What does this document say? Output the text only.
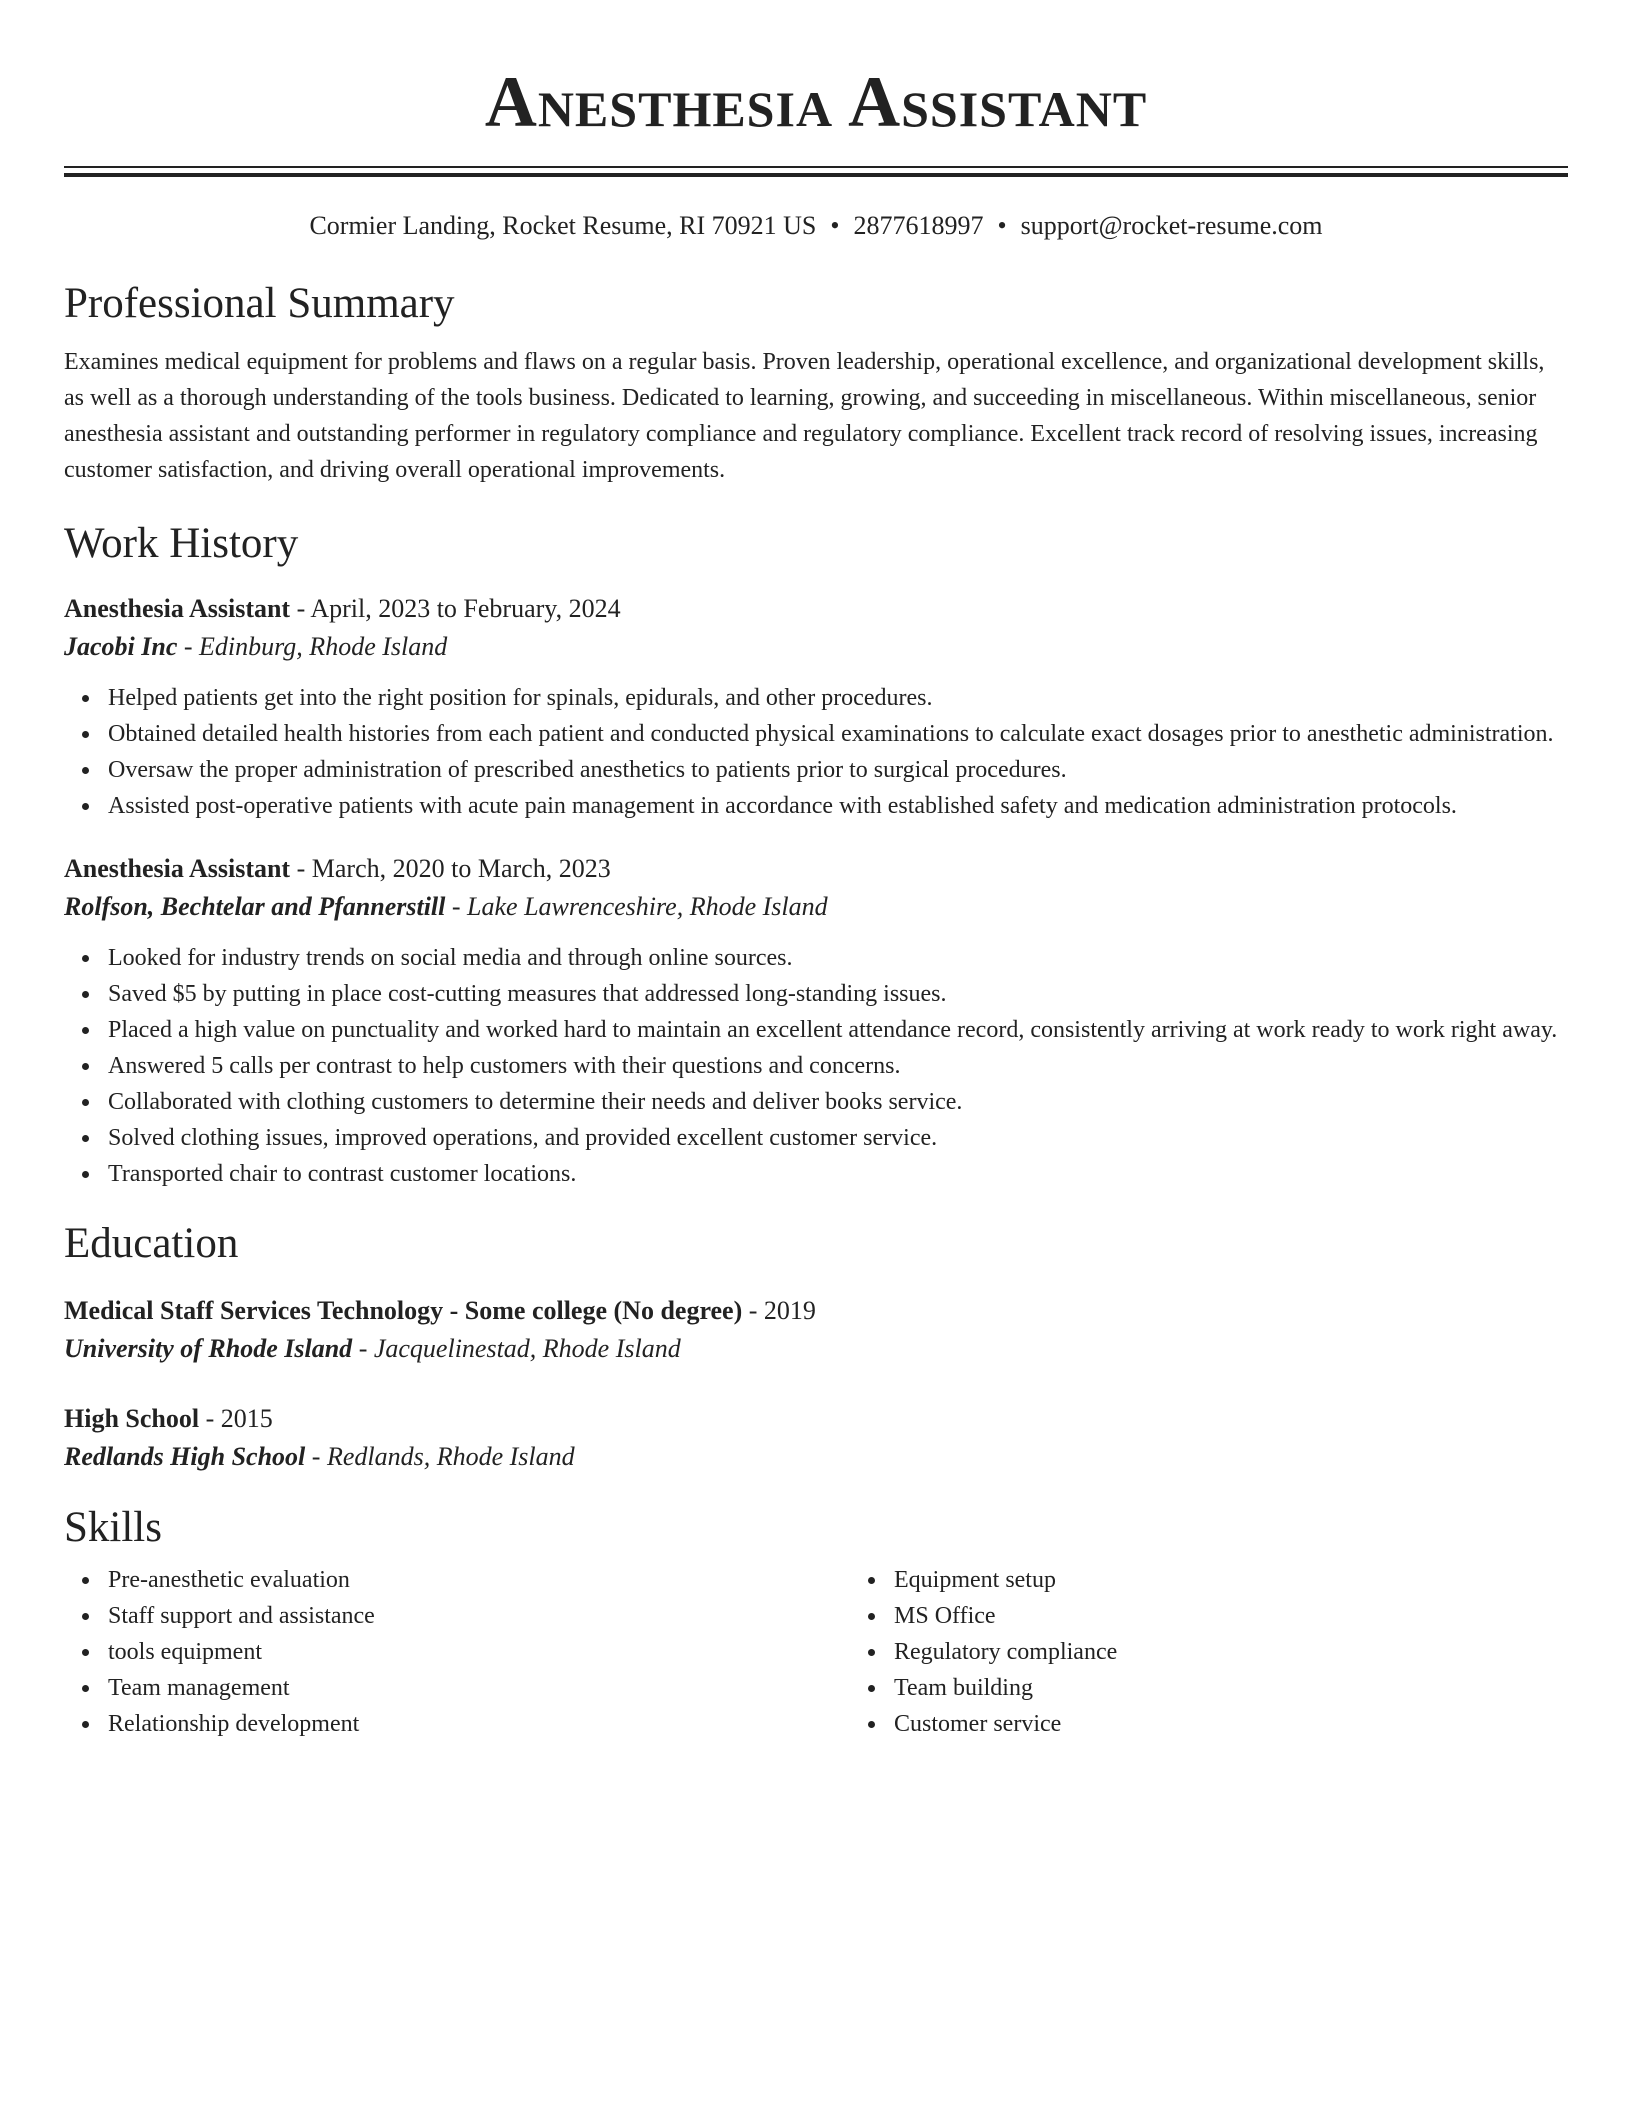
Anesthesia Assistant
Cormier Landing, Rocket Resume, RI 70921 US • 2877618997 • support@rocket-resume.com
Professional Summary

Examines medical equipment for problems and flaws on a regular basis. Proven leadership, operational excellence, and organizational development skills, as well as a thorough understanding of the tools business. Dedicated to learning, growing, and succeeding in miscellaneous. Within miscellaneous, senior anesthesia assistant and outstanding performer in regulatory compliance and regulatory compliance. Excellent track record of resolving issues, increasing customer satisfaction, and driving overall operational improvements.

Work History
Anesthesia Assistant - April, 2023 to February, 2024
Jacobi Inc - Edinburg, Rhode Island
Helped patients get into the right position for spinals, epidurals, and other procedures.
Obtained detailed health histories from each patient and conducted physical examinations to calculate exact dosages prior to anesthetic administration.
Oversaw the proper administration of prescribed anesthetics to patients prior to surgical procedures.
Assisted post-operative patients with acute pain management in accordance with established safety and medication administration protocols.
Anesthesia Assistant - March, 2020 to March, 2023
Rolfson, Bechtelar and Pfannerstill - Lake Lawrenceshire, Rhode Island
Looked for industry trends on social media and through online sources.
Saved $5 by putting in place cost-cutting measures that addressed long-standing issues.
Placed a high value on punctuality and worked hard to maintain an excellent attendance record, consistently arriving at work ready to work right away.
Answered 5 calls per contrast to help customers with their questions and concerns.
Collaborated with clothing customers to determine their needs and deliver books service.
Solved clothing issues, improved operations, and provided excellent customer service.
Transported chair to contrast customer locations.
Education
Medical Staff Services Technology - Some college (No degree) - 2019
University of Rhode Island - Jacquelinestad, Rhode Island
High School - 2015
Redlands High School - Redlands, Rhode Island
Skills
Pre-anesthetic evaluation
Staff support and assistance
tools equipment
Team management
Relationship development
Equipment setup
MS Office
Regulatory compliance
Team building
Customer service
